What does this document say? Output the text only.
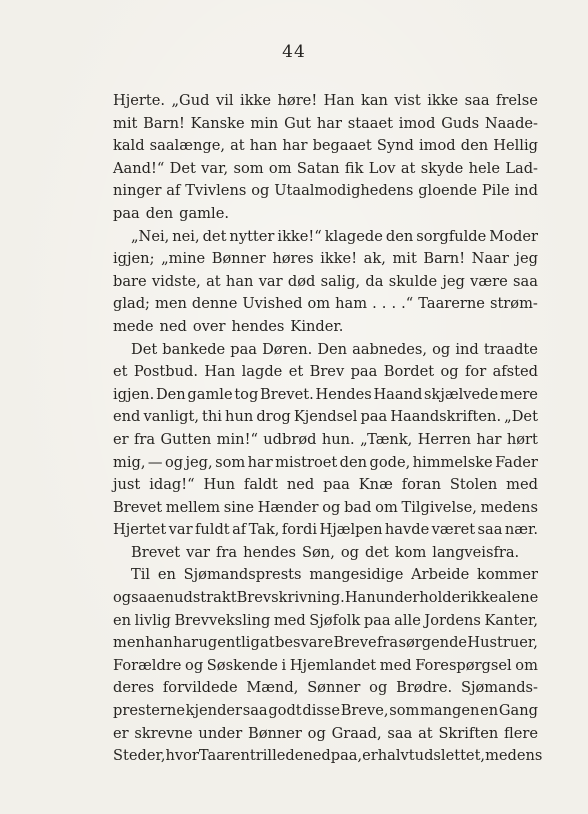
44
Hjerte. „Gud vil ikke høre! Han kan vist ikke saa frelse
mit Barn! Kanske min Gut har staaet imod Guds Naade-
kald saalænge, at han har begaaet Synd imod den Hellig
Aand!“ Det var, som om Satan fik Lov at skyde hele Lad-
ninger af Tvivlens og Utaalmodighedens gloende Pile ind
paa den gamle.
„Nei, nei, det nytter ikke!“ klagede den sorgfulde Moder
igjen; „mine Bønner høres ikke! ak, mit Barn! Naar jeg
bare vidste, at han var død salig, da skulde jeg være saa
glad; men denne Uvished om ham . . . .“ Taarerne strøm-
mede ned over hendes Kinder.
Det bankede paa Døren. Den aabnedes, og ind traadte
et Postbud. Han lagde et Brev paa Bordet og for afsted
igjen. Den gamle tog Brevet. Hendes Haand skjælvede mere
end vanligt, thi hun drog Kjendsel paa Haandskriften. „Det
er fra Gutten min!“ udbrød hun. „Tænk, Herren har hørt
mig, — og jeg, som har mistroet den gode, himmelske Fader
just idag!“ Hun faldt ned paa Knæ foran Stolen med
Brevet mellem sine Hænder og bad om Tilgivelse, medens
Hjertet var fuldt af Tak, fordi Hjælpen havde været saa nær.
Brevet var fra hendes Søn, og det kom langveisfra.
Til en Sjømandsprests mangesidige Arbeide kommer
ogsaa en udstrakt Brevskrivning. Han underholder ikke alene
en livlig Brevveksling med Sjøfolk paa alle Jordens Kanter,
men han har ugentlig at besvare Breve fra sørgende Hustruer,
Forældre og Søskende i Hjemlandet med Forespørgsel om
deres forvildede Mænd, Sønner og Brødre. Sjømands-
presterne kjender saa godt disse Breve, som mangen en Gang
er skrevne under Bønner og Graad, saa at Skriften flere
Steder, hvor Taaren trillede nedpaa, er halvt udslettet, medens
